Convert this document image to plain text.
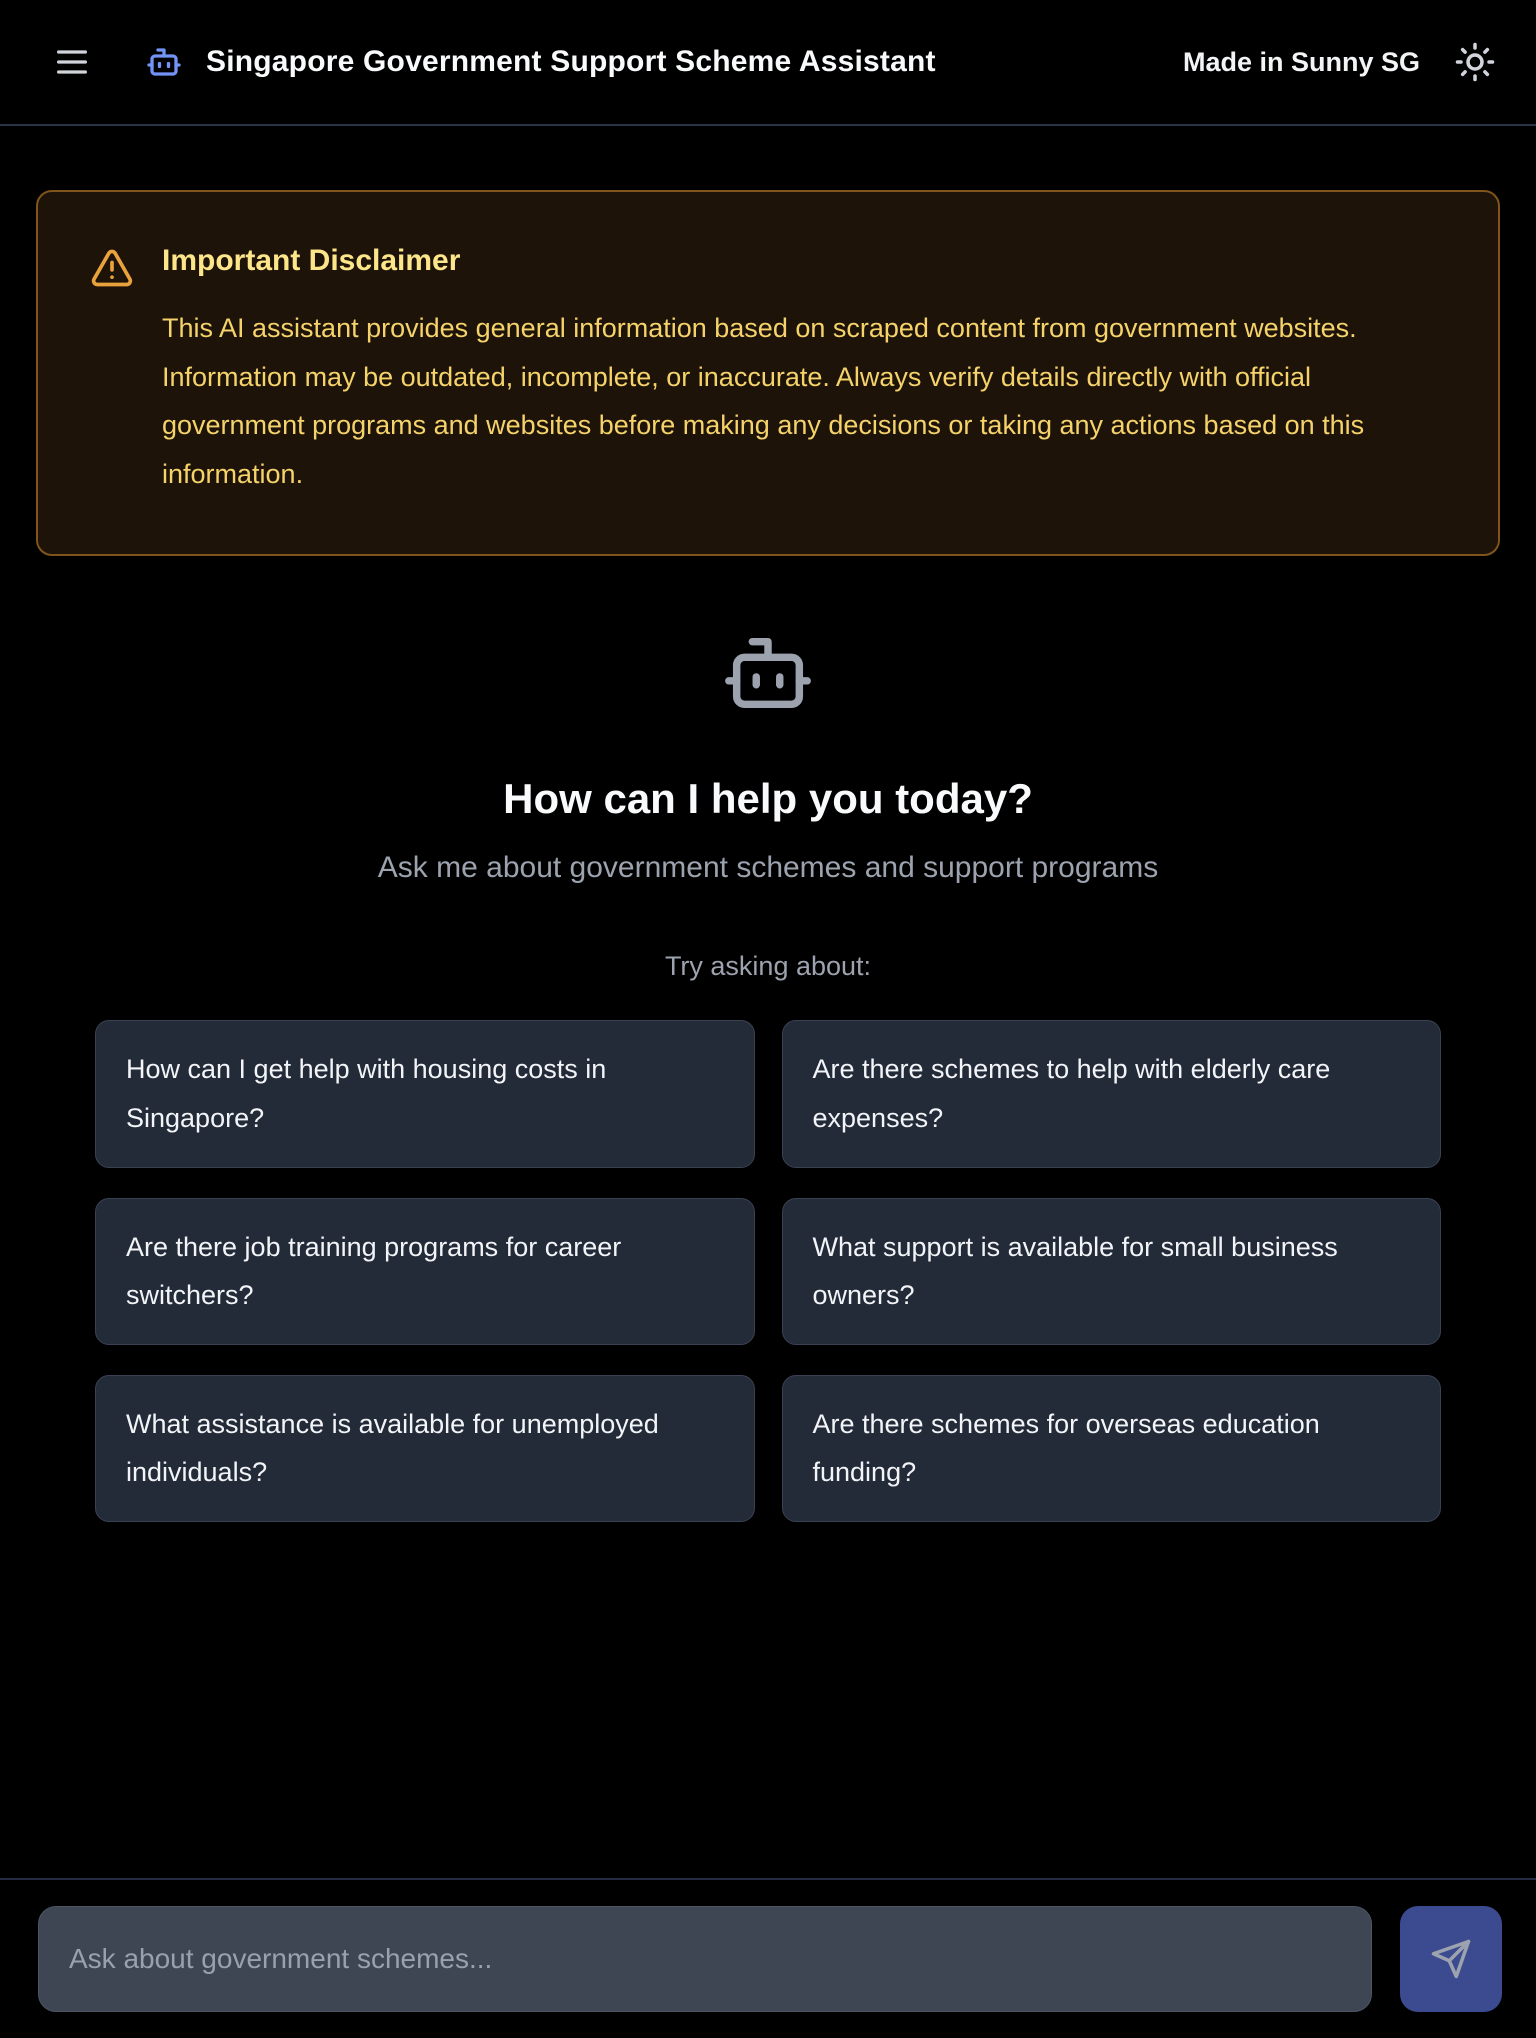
Singapore Government Support Scheme Assistant	Made in Sunny SG
Important Disclaimer

This AI assistant provides general information based on scraped content from government websites. Information may be outdated, incomplete, or inaccurate. Always verify details directly with official government programs and websites before making any decisions or taking any actions based on this information.

How can I help you today?

Ask me about government schemes and support programs

Try asking about:

How can I get help with housing costs in Singapore?
Are there schemes to help with elderly care expenses?
Are there job training programs for career switchers?
What support is available for small business owners?
What assistance is available for unemployed individuals?
Are there schemes for overseas education funding?
Ask about government schemes...
